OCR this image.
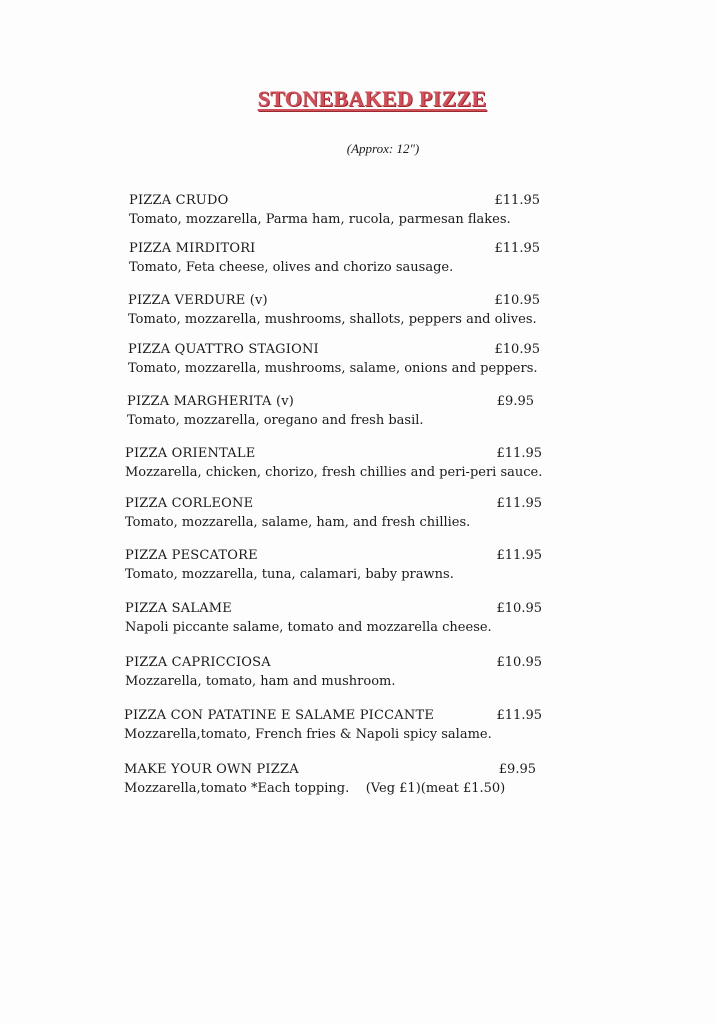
STONEBAKED PIZZE
(Approx: 12")
PIZZA CRUDO	£11.95
Tomato, mozzarella, Parma ham, rucola, parmesan flakes.
PIZZA MIRDITORI	£11.95
Tomato, Feta cheese, olives and chorizo sausage.
PIZZA VERDURE (v)	£10.95
Tomato, mozzarella, mushrooms, shallots, peppers and olives.
PIZZA QUATTRO STAGIONI	£10.95
Tomato, mozzarella, mushrooms, salame, onions and peppers.
PIZZA MARGHERITA (v)	£9.95
Tomato, mozzarella, oregano and fresh basil.
PIZZA ORIENTALE	£11.95
Mozzarella, chicken, chorizo, fresh chillies and peri-peri sauce.
PIZZA CORLEONE	£11.95
Tomato, mozzarella, salame, ham, and fresh chillies.
PIZZA PESCATORE	£11.95
Tomato, mozzarella, tuna, calamari, baby prawns.
PIZZA SALAME	£10.95
Napoli piccante salame, tomato and mozzarella cheese.
PIZZA CAPRICCIOSA	£10.95
Mozzarella, tomato, ham and mushroom.
PIZZA CON PATATINE E SALAME PICCANTE	£11.95
Mozzarella,tomato, French fries & Napoli spicy salame.
MAKE YOUR OWN PIZZA	£9.95
Mozzarella,tomato *Each topping.    (Veg £1)(meat £1.50)
